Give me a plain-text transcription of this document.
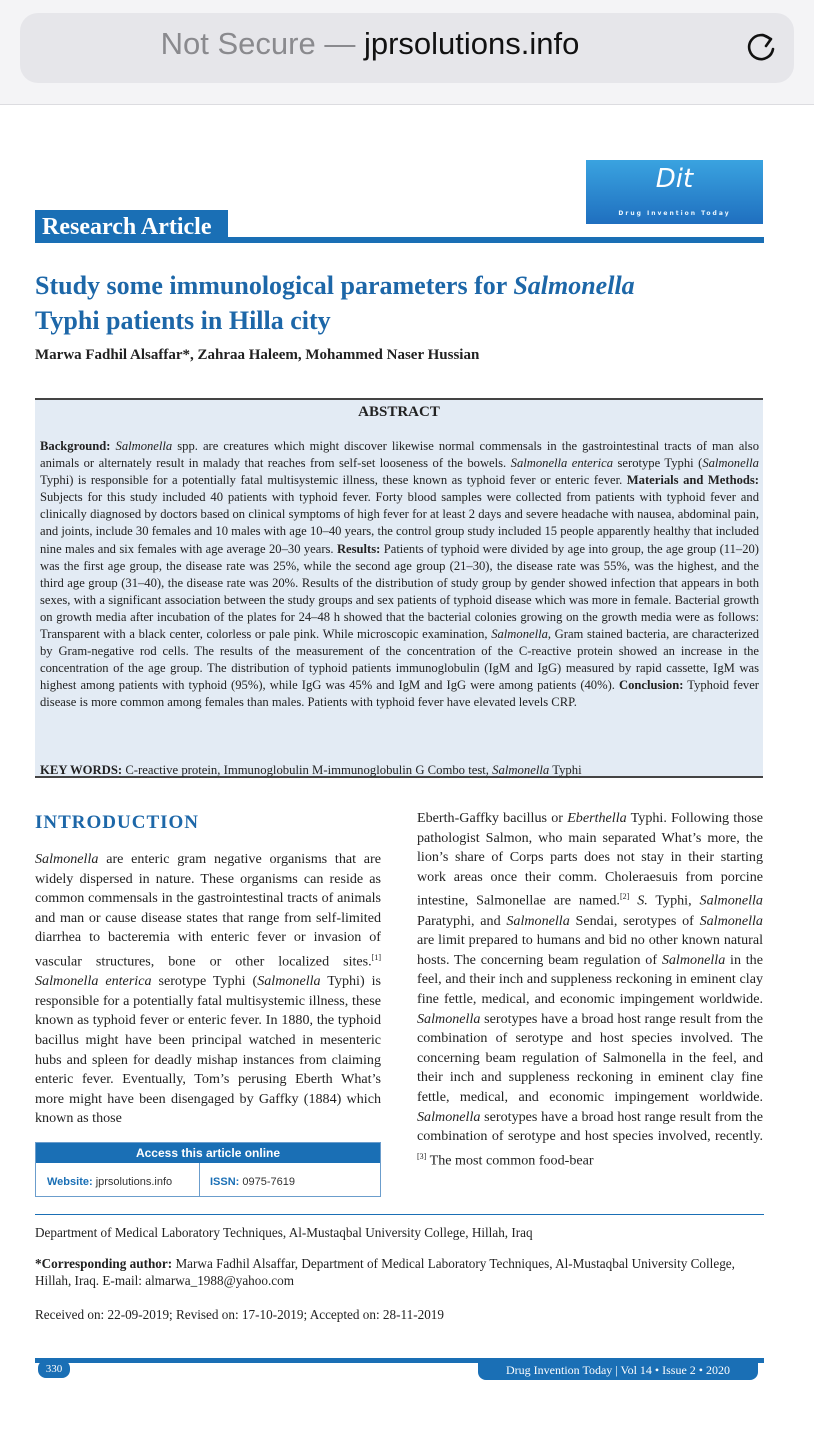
Not Secure — jprsolutions.info
Dit
Drug Invention Today
Research Article
Study some immunological parameters for Salmonella
Typhi patients in Hilla city
Marwa Fadhil Alsaffar*, Zahraa Haleem, Mohammed Naser Hussian
ABSTRACT
Background: Salmonella spp. are creatures which might discover likewise normal commensals in the gastrointestinal tracts of man also animals or alternately result in malady that reaches from self-set looseness of the bowels. Salmonella enterica serotype Typhi (Salmonella Typhi) is responsible for a potentially fatal multisystemic illness, these known as typhoid fever or enteric fever. Materials and Methods: Subjects for this study included 40 patients with typhoid fever. Forty blood samples were collected from patients with typhoid fever and clinically diagnosed by doctors based on clinical symptoms of high fever for at least 2 days and severe headache with nausea, abdominal pain, and joints, include 30 females and 10 males with age 10–40 years, the control group study included 15 people apparently healthy that included nine males and six females with age average 20–30 years. Results: Patients of typhoid were divided by age into group, the age group (11–20) was the first age group, the disease rate was 25%, while the second age group (21–30), the disease rate was 55%, was the highest, and the third age group (31–40), the disease rate was 20%. Results of the distribution of study group by gender showed infection that appears in both sexes, with a significant association between the study groups and sex patients of typhoid disease which was more in female. Bacterial growth on growth media after incubation of the plates for 24–48 h showed that the bacterial colonies growing on the growth media were as follows: Transparent with a black center, colorless or pale pink. While microscopic examination, Salmonella, Gram stained bacteria, are characterized by Gram-negative rod cells. The results of the measurement of the concentration of the C-reactive protein showed an increase in the concentration of the age group. The distribution of typhoid patients immunoglobulin (IgM and IgG) measured by rapid cassette, IgM was highest among patients with typhoid (95%), while IgG was 45% and IgM and IgG were among patients (40%). Conclusion: Typhoid fever disease is more common among females than males. Patients with typhoid fever have elevated levels CRP.
KEY WORDS: C-reactive protein, Immunoglobulin M-immunoglobulin G Combo test, Salmonella Typhi
INTRODUCTION
Salmonella are enteric gram negative organisms that are widely dispersed in nature. These organisms can reside as common commensals in the gastrointestinal tracts of animals and man or cause disease states that range from self-limited diarrhea to bacteremia with enteric fever or invasion of vascular structures, bone or other localized sites.[1] Salmonella enterica serotype Typhi (Salmonella Typhi) is responsible for a potentially fatal multisystemic illness, these known as typhoid fever or enteric fever. In 1880, the typhoid bacillus might have been principal watched in mesenteric hubs and spleen for deadly mishap instances from claiming enteric fever. Eventually, Tom’s perusing Eberth What’s more might have been disengaged by Gaffky (1884) which known as those
Eberth-Gaffky bacillus or Eberthella Typhi. Following those pathologist Salmon, who main separated What’s more, the lion’s share of Corps parts does not stay in their starting work areas once their comm. Choleraesuis from porcine intestine, Salmonellae are named.[2] S. Typhi, Salmonella Paratyphi, and Salmonella Sendai, serotypes of Salmonella are limit prepared to humans and bid no other known natural hosts. The concerning beam regulation of Salmonella in the feel, and their inch and suppleness reckoning in eminent clay fine fettle, medical, and economic impingement worldwide. Salmonella serotypes have a broad host range result from the combination of serotype and host species involved. The concerning beam regulation of Salmonella in the feel, and their inch and suppleness reckoning in eminent clay fine fettle, medical, and economic impingement worldwide. Salmonella serotypes have a broad host range result from the combination of serotype and host species involved, recently.[3] The most common food-bear
Access this article online
Website: jprsolutions.info	ISSN: 0975-7619
Department of Medical Laboratory Techniques, Al-Mustaqbal University College, Hillah, Iraq
*Corresponding author: Marwa Fadhil Alsaffar, Department of Medical Laboratory Techniques, Al-Mustaqbal University College, Hillah, Iraq. E-mail: almarwa_1988@yahoo.com
Received on: 22-09-2019; Revised on: 17-10-2019; Accepted on: 28-11-2019
330	Drug Invention Today | Vol 14 • Issue 2 • 2020
